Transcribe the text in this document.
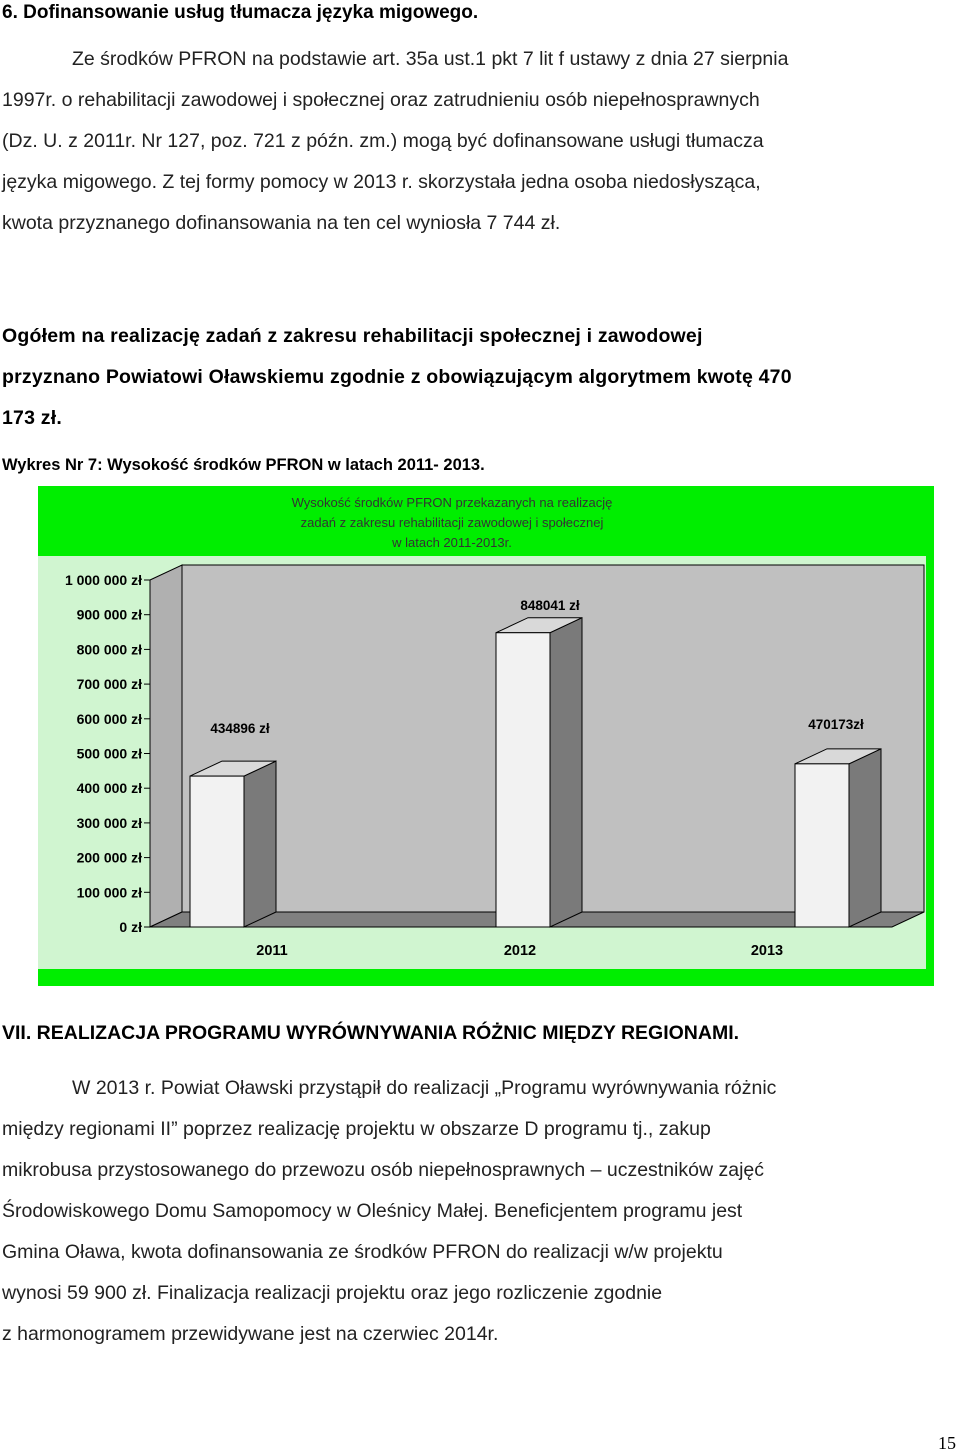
6. Dofinansowanie usług tłumacza języka migowego.

Ze środków PFRON na podstawie art. 35a ust.1 pkt 7 lit f ustawy z dnia 27 sierpnia

1997r. o rehabilitacji zawodowej i społecznej oraz zatrudnieniu osób niepełnosprawnych

(Dz. U. z 2011r. Nr 127, poz. 721 z późn. zm.) mogą być dofinansowane usługi tłumacza

języka migowego. Z tej formy pomocy w 2013 r. skorzystała jedna osoba niedosłysząca,

kwota przyznanego dofinansowania na ten cel wyniosła 7 744 zł.

Ogółem na realizację zadań z zakresu rehabilitacji społecznej i zawodowej

przyznano Powiatowi Oławskiemu zgodnie z obowiązującym algorytmem kwotę 470

173 zł.

Wykres Nr 7: Wysokość środków PFRON w latach 2011- 2013.
Wysokość środków PFRON przekazanych na realizację
zadań z zakresu rehabilitacji zawodowej i społecznej
w latach 2011-2013r.
0 zł
100 000 zł
200 000 zł
300 000 zł
400 000 zł
500 000 zł
600 000 zł
700 000 zł
800 000 zł
900 000 zł
1 000 000 zł
434896 zł
848041 zł
470173zł
2011	2012	2013
VII. REALIZACJA PROGRAMU WYRÓWNYWANIA RÓŻNIC MIĘDZY REGIONAMI.

W 2013 r. Powiat Oławski przystąpił do realizacji „Programu wyrównywania różnic

między regionami II” poprzez realizację projektu w obszarze D programu tj., zakup

mikrobusa przystosowanego do przewozu osób niepełnosprawnych – uczestników zajęć

Środowiskowego Domu Samopomocy w Oleśnicy Małej. Beneficjentem programu jest

Gmina Oława, kwota dofinansowania ze środków PFRON do realizacji w/w projektu

wynosi 59 900 zł. Finalizacja realizacji projektu oraz jego rozliczenie zgodnie

z harmonogramem przewidywane jest na czerwiec 2014r.

15
